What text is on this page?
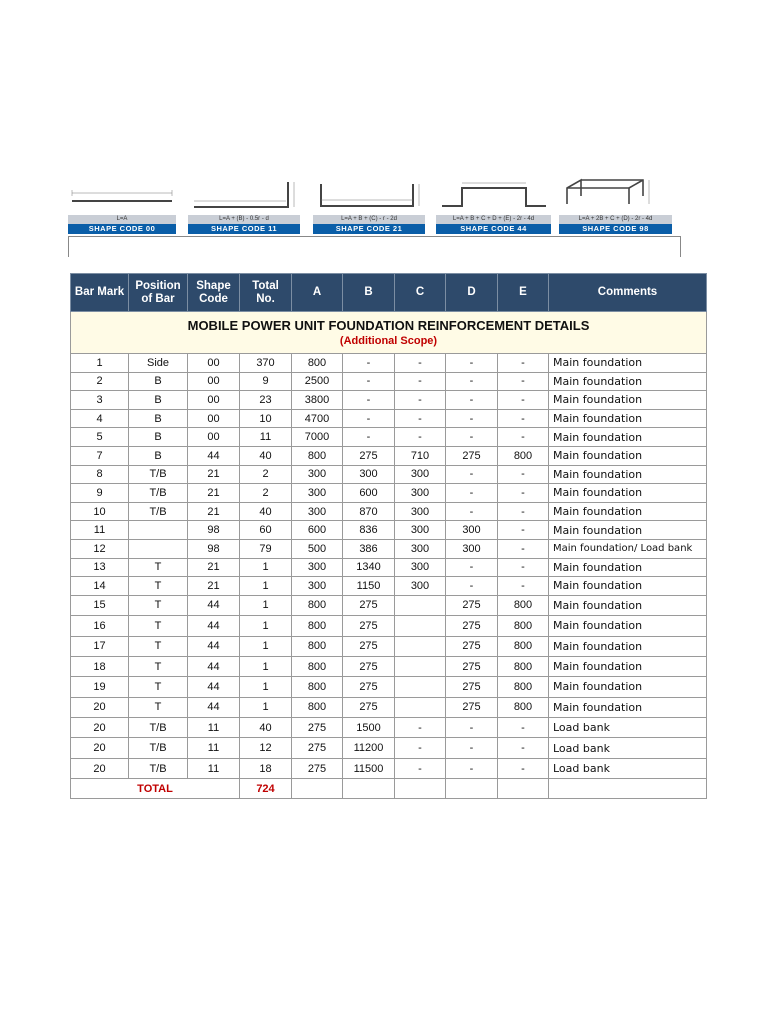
L=A
SHAPE CODE 00
L=A + (B) - 0.5r - d
SHAPE CODE 11
L=A + B + (C) - r - 2d
SHAPE CODE 21
L=A + B + C + D + (E) - 2r - 4d
SHAPE CODE 44
L=A + 2B + C + (D) - 2r - 4d
SHAPE CODE 98
Bar Mark	Position of Bar	Shape Code	Total No.	A	B	C	D	E	Comments

MOBILE POWER UNIT FOUNDATION REINFORCEMENT DETAILS
(Additional Scope)									

1	Side	00	370	800	-	-	-	-	Main foundation
2	B	00	9	2500	-	-	-	-	Main foundation
3	B	00	23	3800	-	-	-	-	Main foundation
4	B	00	10	4700	-	-	-	-	Main foundation
5	B	00	11	7000	-	-	-	-	Main foundation
7	B	44	40	800	275	710	275	800	Main foundation
8	T/B	21	2	300	300	300	-	-	Main foundation
9	T/B	21	2	300	600	300	-	-	Main foundation
10	T/B	21	40	300	870	300	-	-	Main foundation
11		98	60	600	836	300	300	-	Main foundation
12		98	79	500	386	300	300	-	Main foundation/ Load bank
13	T	21	1	300	1340	300	-	-	Main foundation
14	T	21	1	300	1150	300	-	-	Main foundation
15	T	44	1	800	275		275	800	Main foundation
16	T	44	1	800	275		275	800	Main foundation
17	T	44	1	800	275		275	800	Main foundation
18	T	44	1	800	275		275	800	Main foundation
19	T	44	1	800	275		275	800	Main foundation
20	T	44	1	800	275		275	800	Main foundation
20	T/B	11	40	275	1500	-	-	-	Load bank
20	T/B	11	12	275	11200	-	-	-	Load bank
20	T/B	11	18	275	11500	-	-	-	Load bank
TOTAL			724						
